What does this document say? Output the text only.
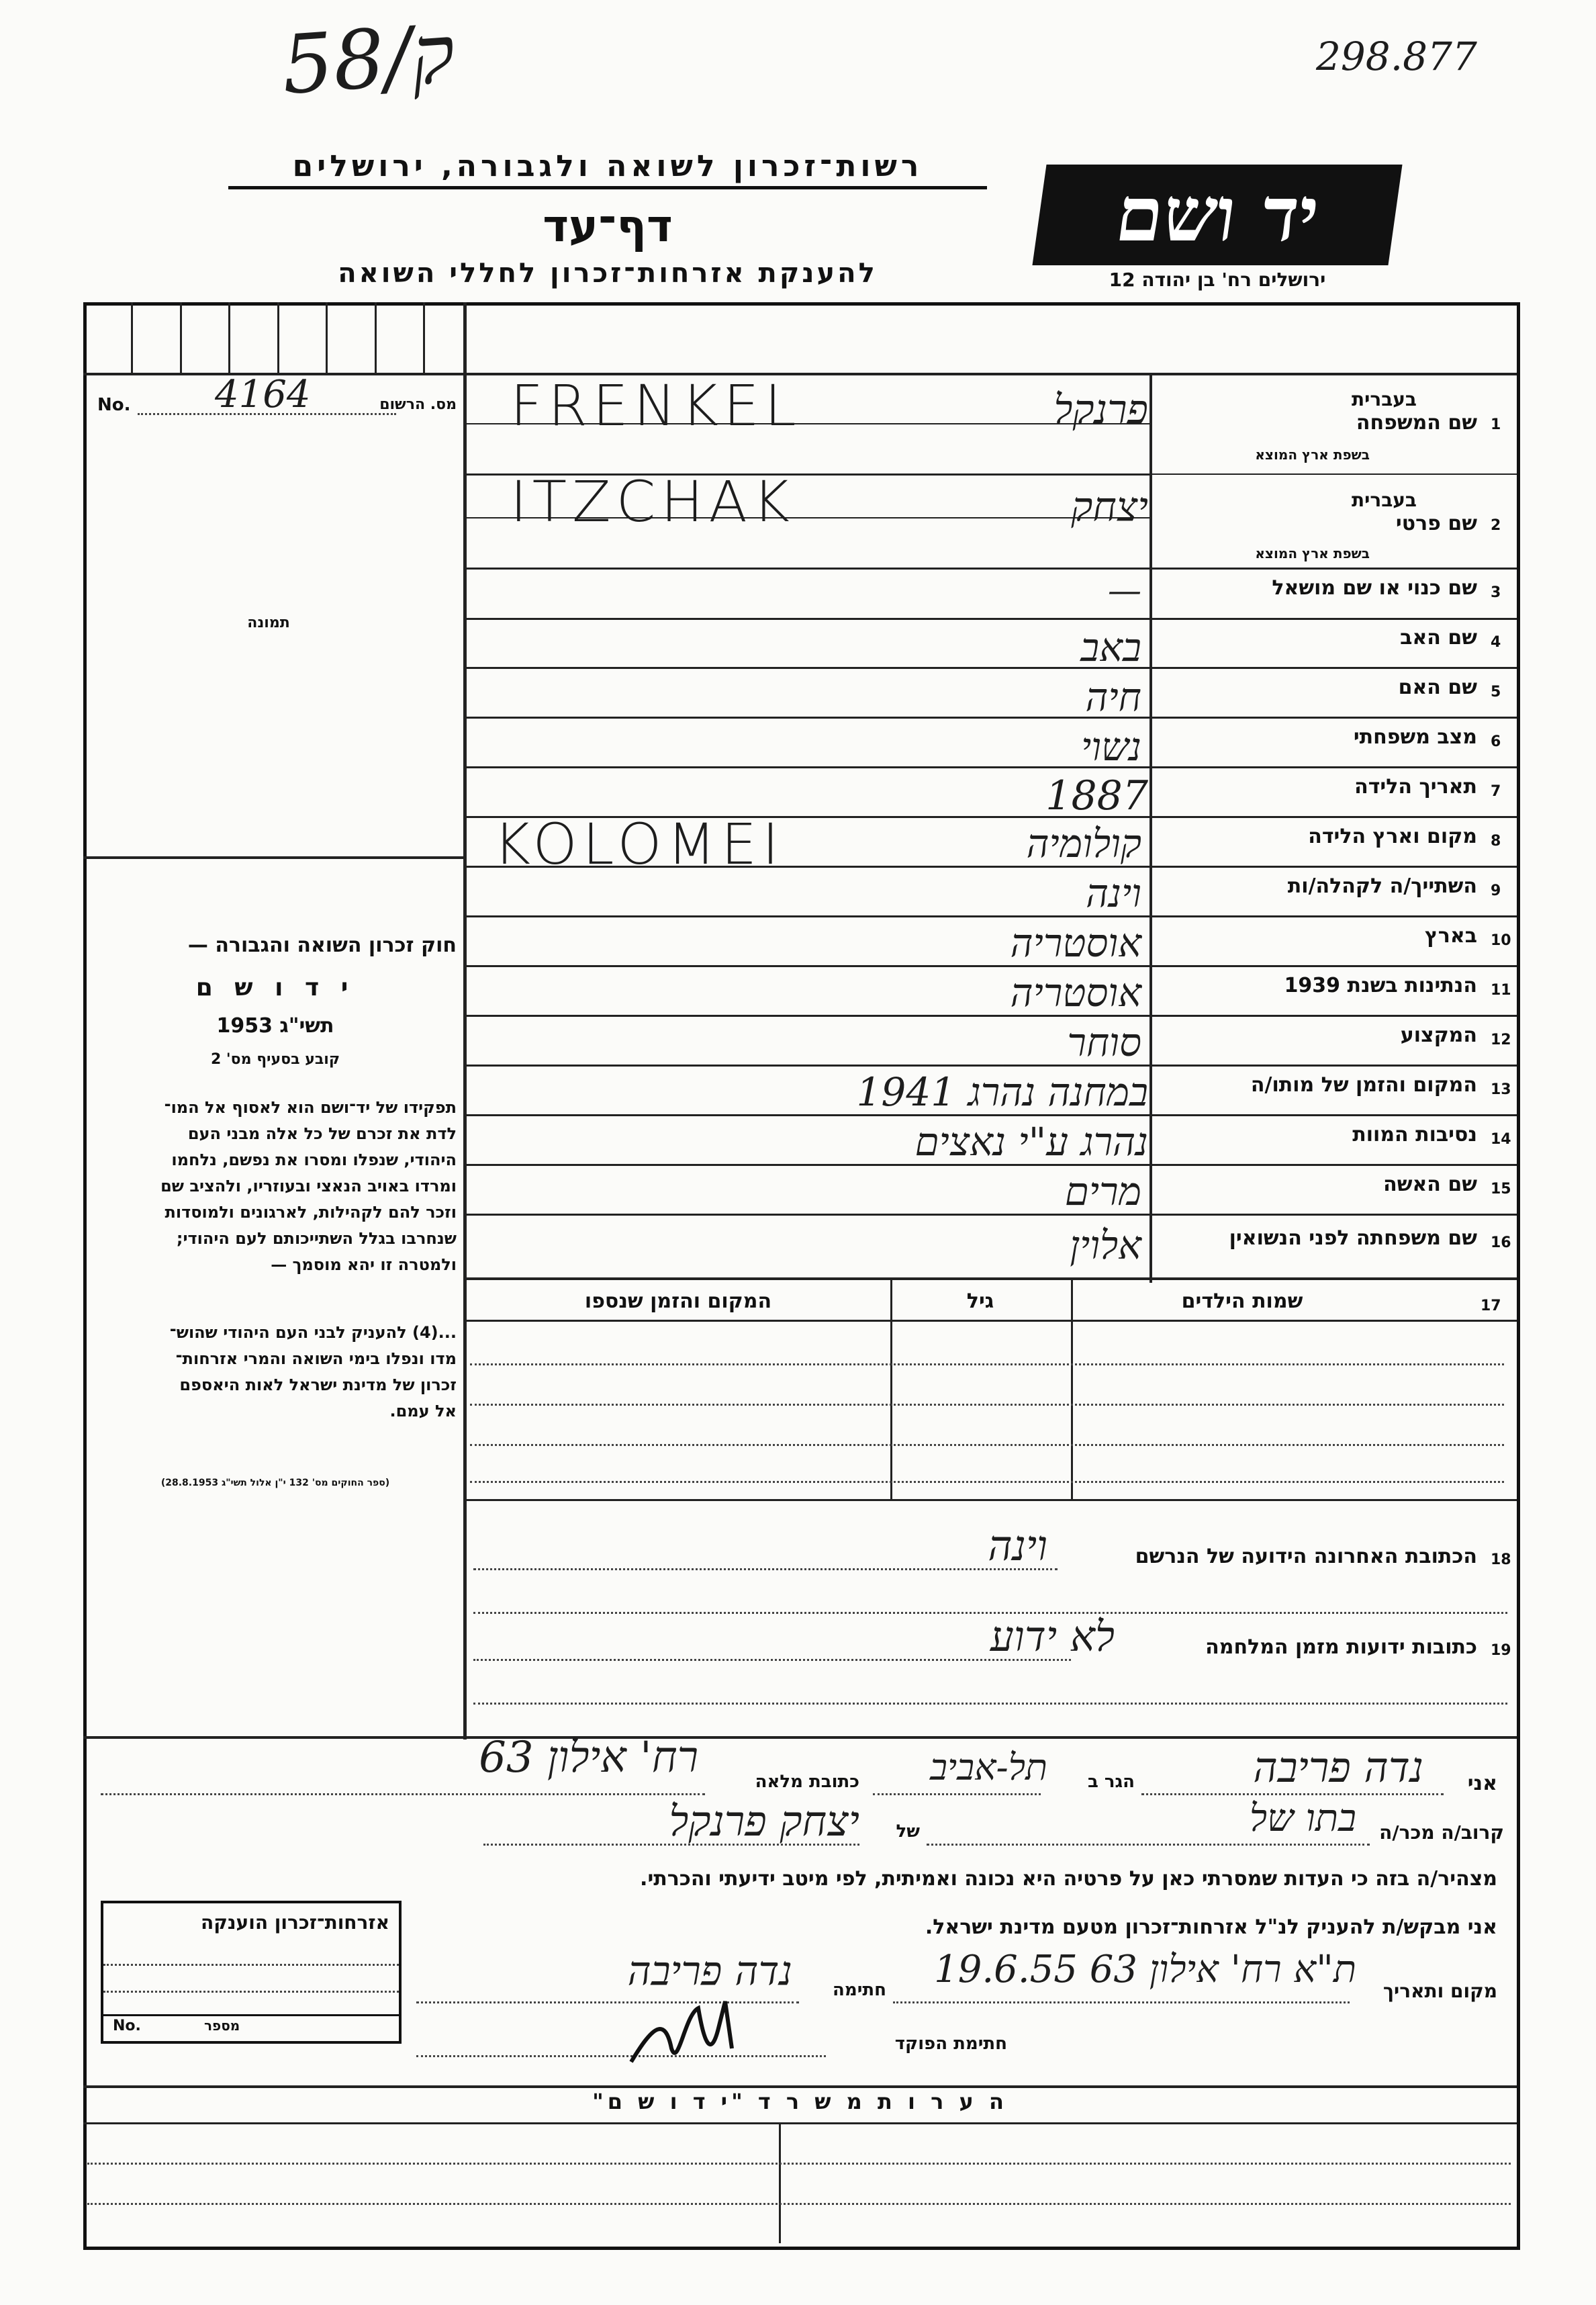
ק/58	298.877
רשות־זכרון לשואה ולגבורה, ירושלים
דף־עד
להענקת אזרחות־זכרון לחללי השואה
יד ושם
ירושלים רח' בן יהודה 12
No. 4164	מס. הרשום
תמונה
חוק זכרון השואה והגבורה —
י ד ו ש ם
תשי"ג 1953
קובע בסעיף מס' 2
תפקידו של יד־ושם הוא לאסוף אל המו־
לדת את זכרם של כל אלה מבני העם
היהודי, שנפלו ומסרו את נפשם, נלחמו
ומרדו באויב הנאצי ובעוזריו, ולהציב שם
וזכר להם לקהילות, לארגונים ולמוסדות
שנחרבו בגלל השתייכותם לעם היהודי;
ולמטרה זו יהא מוסמך —
...(4) להעניק לבני העם היהודי שהוש־
מדו ונפלו בימי השואה והמרי אזרחות־
זכרון של מדינת ישראל לאות היאספם
אל עמם.
(ספר החוקים מס' 132 י"ן אלול תשי"ג 28.8.1953)
1
בעברית
שם המשפחה
בשפת ארץ המוצא
FRENKEL	פרנקל
2
בעברית
שם פרטי
בשפת ארץ המוצא
ITZCHAK	יצחק
3
שם כנוי או שם מושאל
—
4
שם האב
באב
5
שם האם
חיה
6
מצב משפחתי
נשוי
7
תאריך הלידה
1887
8
מקום וארץ הלידה
KOLOMEI	קולומיה
9
השתייך/ה לקהלה/ות
וינה
10
בארץ
אוסטריה
11
הנתינות בשנת 1939
אוסטריה
12
המקצוע
סוחר
13
המקום והזמן של מותו/ה
במחנה נהרג 1941
14
נסיבות המוות
נהרג ע"י נאצים
15
שם האשה
מרים
16
שם משפחתה לפני הנשואין
אלוין
17
שמות הילדים
גיל
המקום והזמן שנספו
18
הכתובת האחרונה הידועה של הנרשם
וינה
19
כתובות ידועות מזמן המלחמה
לא ידוע
אני
נדה פריבה
הגר ב
תל-אביב
כתובת מלאה
רח' אילון 63
קרוב/ה מכר/ה
בתו של
של
יצחק פרנקל
מצהיר/ה בזה כי העדות שמסרתי כאן על פרטיה היא נכונה ואמיתית, לפי מיטב ידיעתי והכרתי.
אני מבקש/ת להעניק לנ"ל אזרחות־זכרון מטעם מדינת ישראל.
מקום ותאריך
ת"א רח' אילון 63 19.6.55
חתימה
נדה פריבה
חתימת הפוקד
אזרחות־זכרון הוענקה
No.	מספר
ה ע ר ו ת מ ש ר ד "י ד ו ש ם"
